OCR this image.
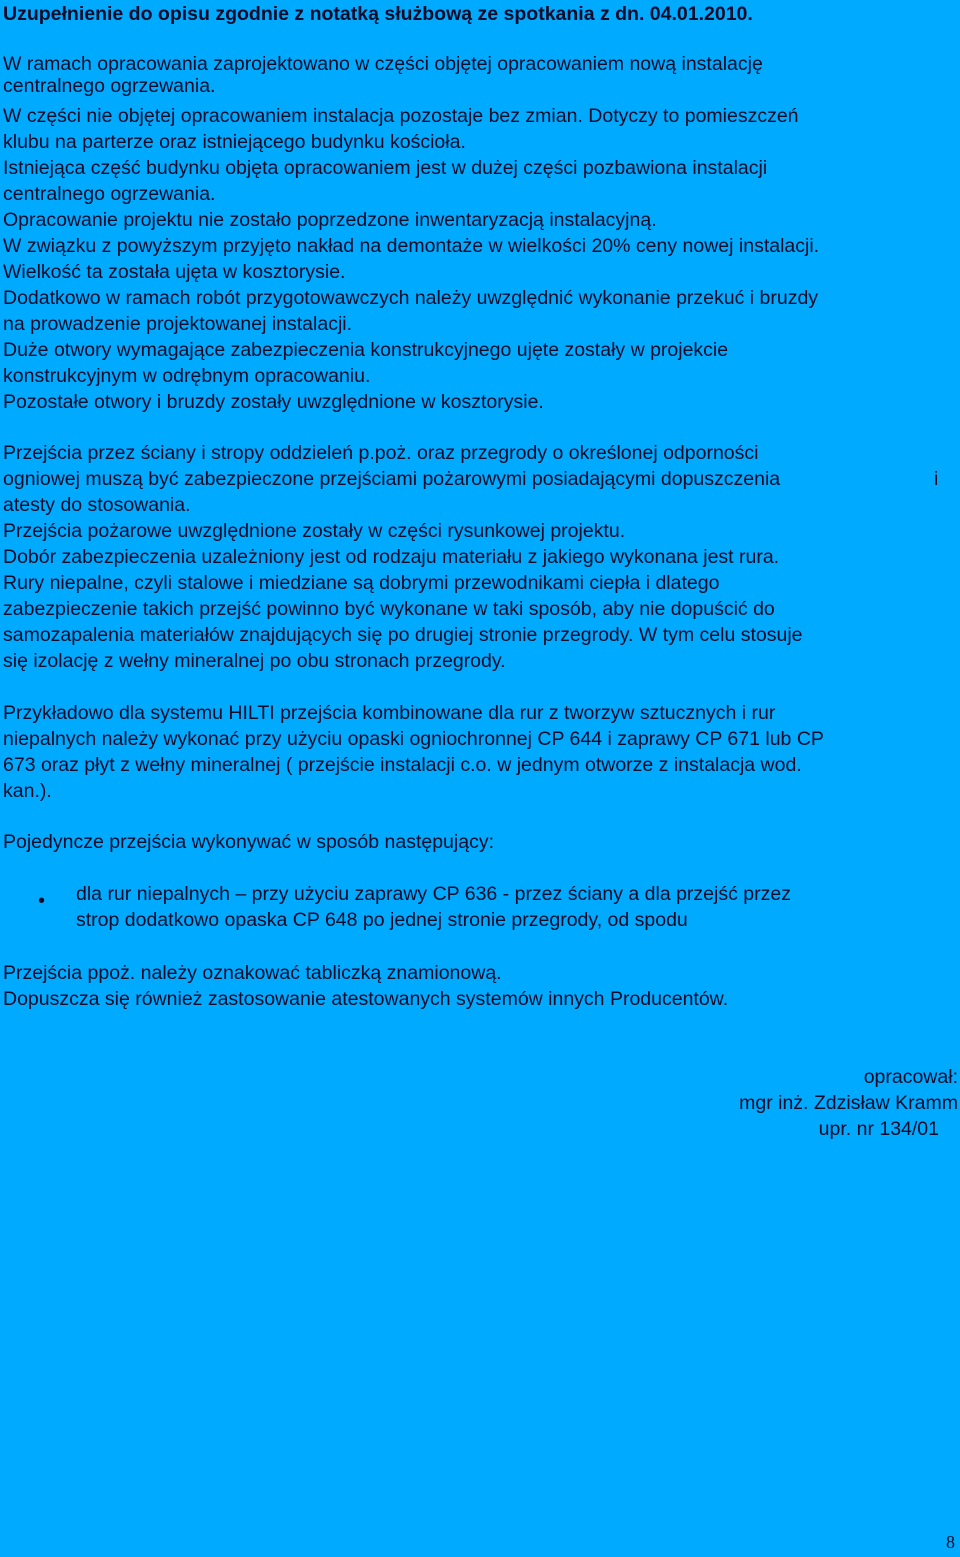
Uzupełnienie do opisu zgodnie z notatką służbową ze spotkania z dn. 04.01.2010.
W ramach opracowania zaprojektowano w części objętej opracowaniem nową instalację
centralnego ogrzewania.
W części nie objętej opracowaniem instalacja pozostaje bez zmian. Dotyczy to pomieszczeń
klubu na parterze oraz istniejącego budynku kościoła.
Istniejąca część budynku objęta opracowaniem jest w dużej części pozbawiona instalacji
centralnego ogrzewania.
Opracowanie projektu nie zostało poprzedzone inwentaryzacją instalacyjną.
W związku z powyższym przyjęto nakład na demontaże w wielkości 20% ceny nowej instalacji.
Wielkość ta została ujęta w kosztorysie.
Dodatkowo w ramach robót przygotowawczych należy uwzględnić wykonanie przekuć i bruzdy
na prowadzenie projektowanej instalacji.
Duże otwory wymagające zabezpieczenia konstrukcyjnego ujęte zostały w projekcie
konstrukcyjnym w odrębnym opracowaniu.
Pozostałe otwory i bruzdy zostały uwzględnione w kosztorysie.
Przejścia przez ściany i stropy oddzieleń p.poż. oraz przegrody o określonej odporności
ogniowej muszą być zabezpieczone przejściami pożarowymi posiadającymi dopuszczenia	i
atesty do stosowania.
Przejścia pożarowe uwzględnione zostały w części rysunkowej projektu.
Dobór zabezpieczenia uzależniony jest od rodzaju materiału z jakiego wykonana jest rura.
Rury niepalne, czyli stalowe i miedziane są dobrymi przewodnikami ciepła i dlatego
zabezpieczenie takich przejść powinno być wykonane w taki sposób, aby nie dopuścić do
samozapalenia materiałów znajdujących się po drugiej stronie przegrody. W tym celu stosuje
się izolację z wełny mineralnej po obu stronach przegrody.
Przykładowo dla systemu HILTI przejścia kombinowane dla rur z tworzyw sztucznych i rur
niepalnych należy wykonać przy użyciu opaski ogniochronnej CP 644 i zaprawy CP 671 lub CP
673 oraz płyt z wełny mineralnej ( przejście instalacji c.o. w jednym otworze z instalacja wod.
kan.).
Pojedyncze przejścia wykonywać w sposób następujący:
• dla rur niepalnych – przy użyciu zaprawy CP 636 - przez ściany a dla przejść przez
strop dodatkowo opaska CP 648 po jednej stronie przegrody, od spodu
Przejścia ppoż. należy oznakować tabliczką znamionową.
Dopuszcza się również zastosowanie atestowanych systemów innych Producentów.
opracował:
mgr inż. Zdzisław Kramm
upr. nr 134/01
8
